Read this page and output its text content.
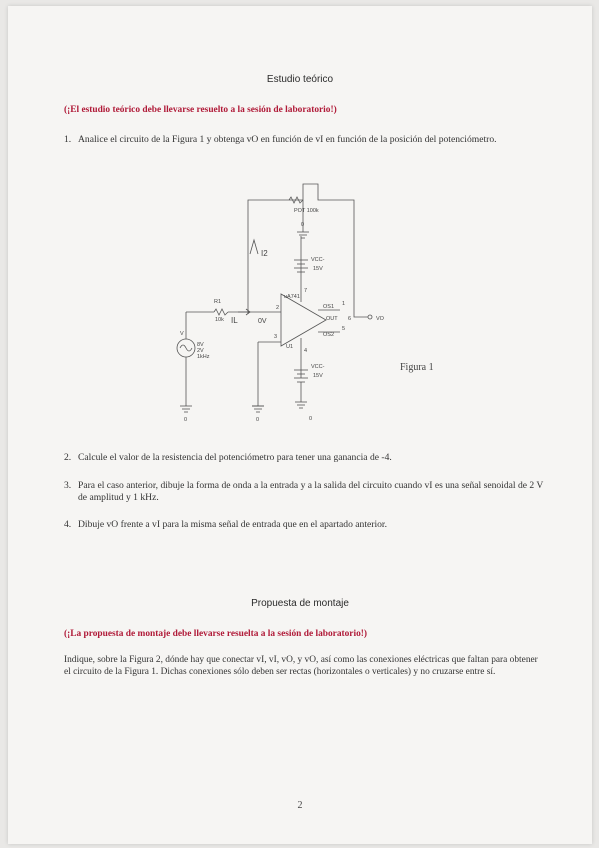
Estudio teórico
(¡El estudio teórico debe llevarse resuelto a la sesión de laboratorio!)
1. Analice el circuito de la Figura 1 y obtenga vO en función de vI en función de la posición del potenciómetro.
POT 100k
0
VCC-
15V
I2
R1
10k IL	0V
uA741
U1
OS1
OS2
OUT
2
3
6
7
4
1
5
VO
VCC-
15V
V
8V
2V
1kHz
0	0	0
Figura 1
2. Calcule el valor de la resistencia del potenciómetro para tener una ganancia de -4.
3. Para el caso anterior, dibuje la forma de onda a la entrada y a la salida del circuito cuando vI es una señal senoidal de 2 V de amplitud y 1 kHz.
4. Dibuje vO frente a vI para la misma señal de entrada que en el apartado anterior.
Propuesta de montaje
(¡La propuesta de montaje debe llevarse resuelta a la sesión de laboratorio!)
Indique, sobre la Figura 2, dónde hay que conectar vI, vI, vO, y vO, así como las conexiones eléctricas que faltan para obtener el circuito de la Figura 1. Dichas conexiones sólo deben ser rectas (horizontales o verticales) y no cruzarse entre sí.
2
